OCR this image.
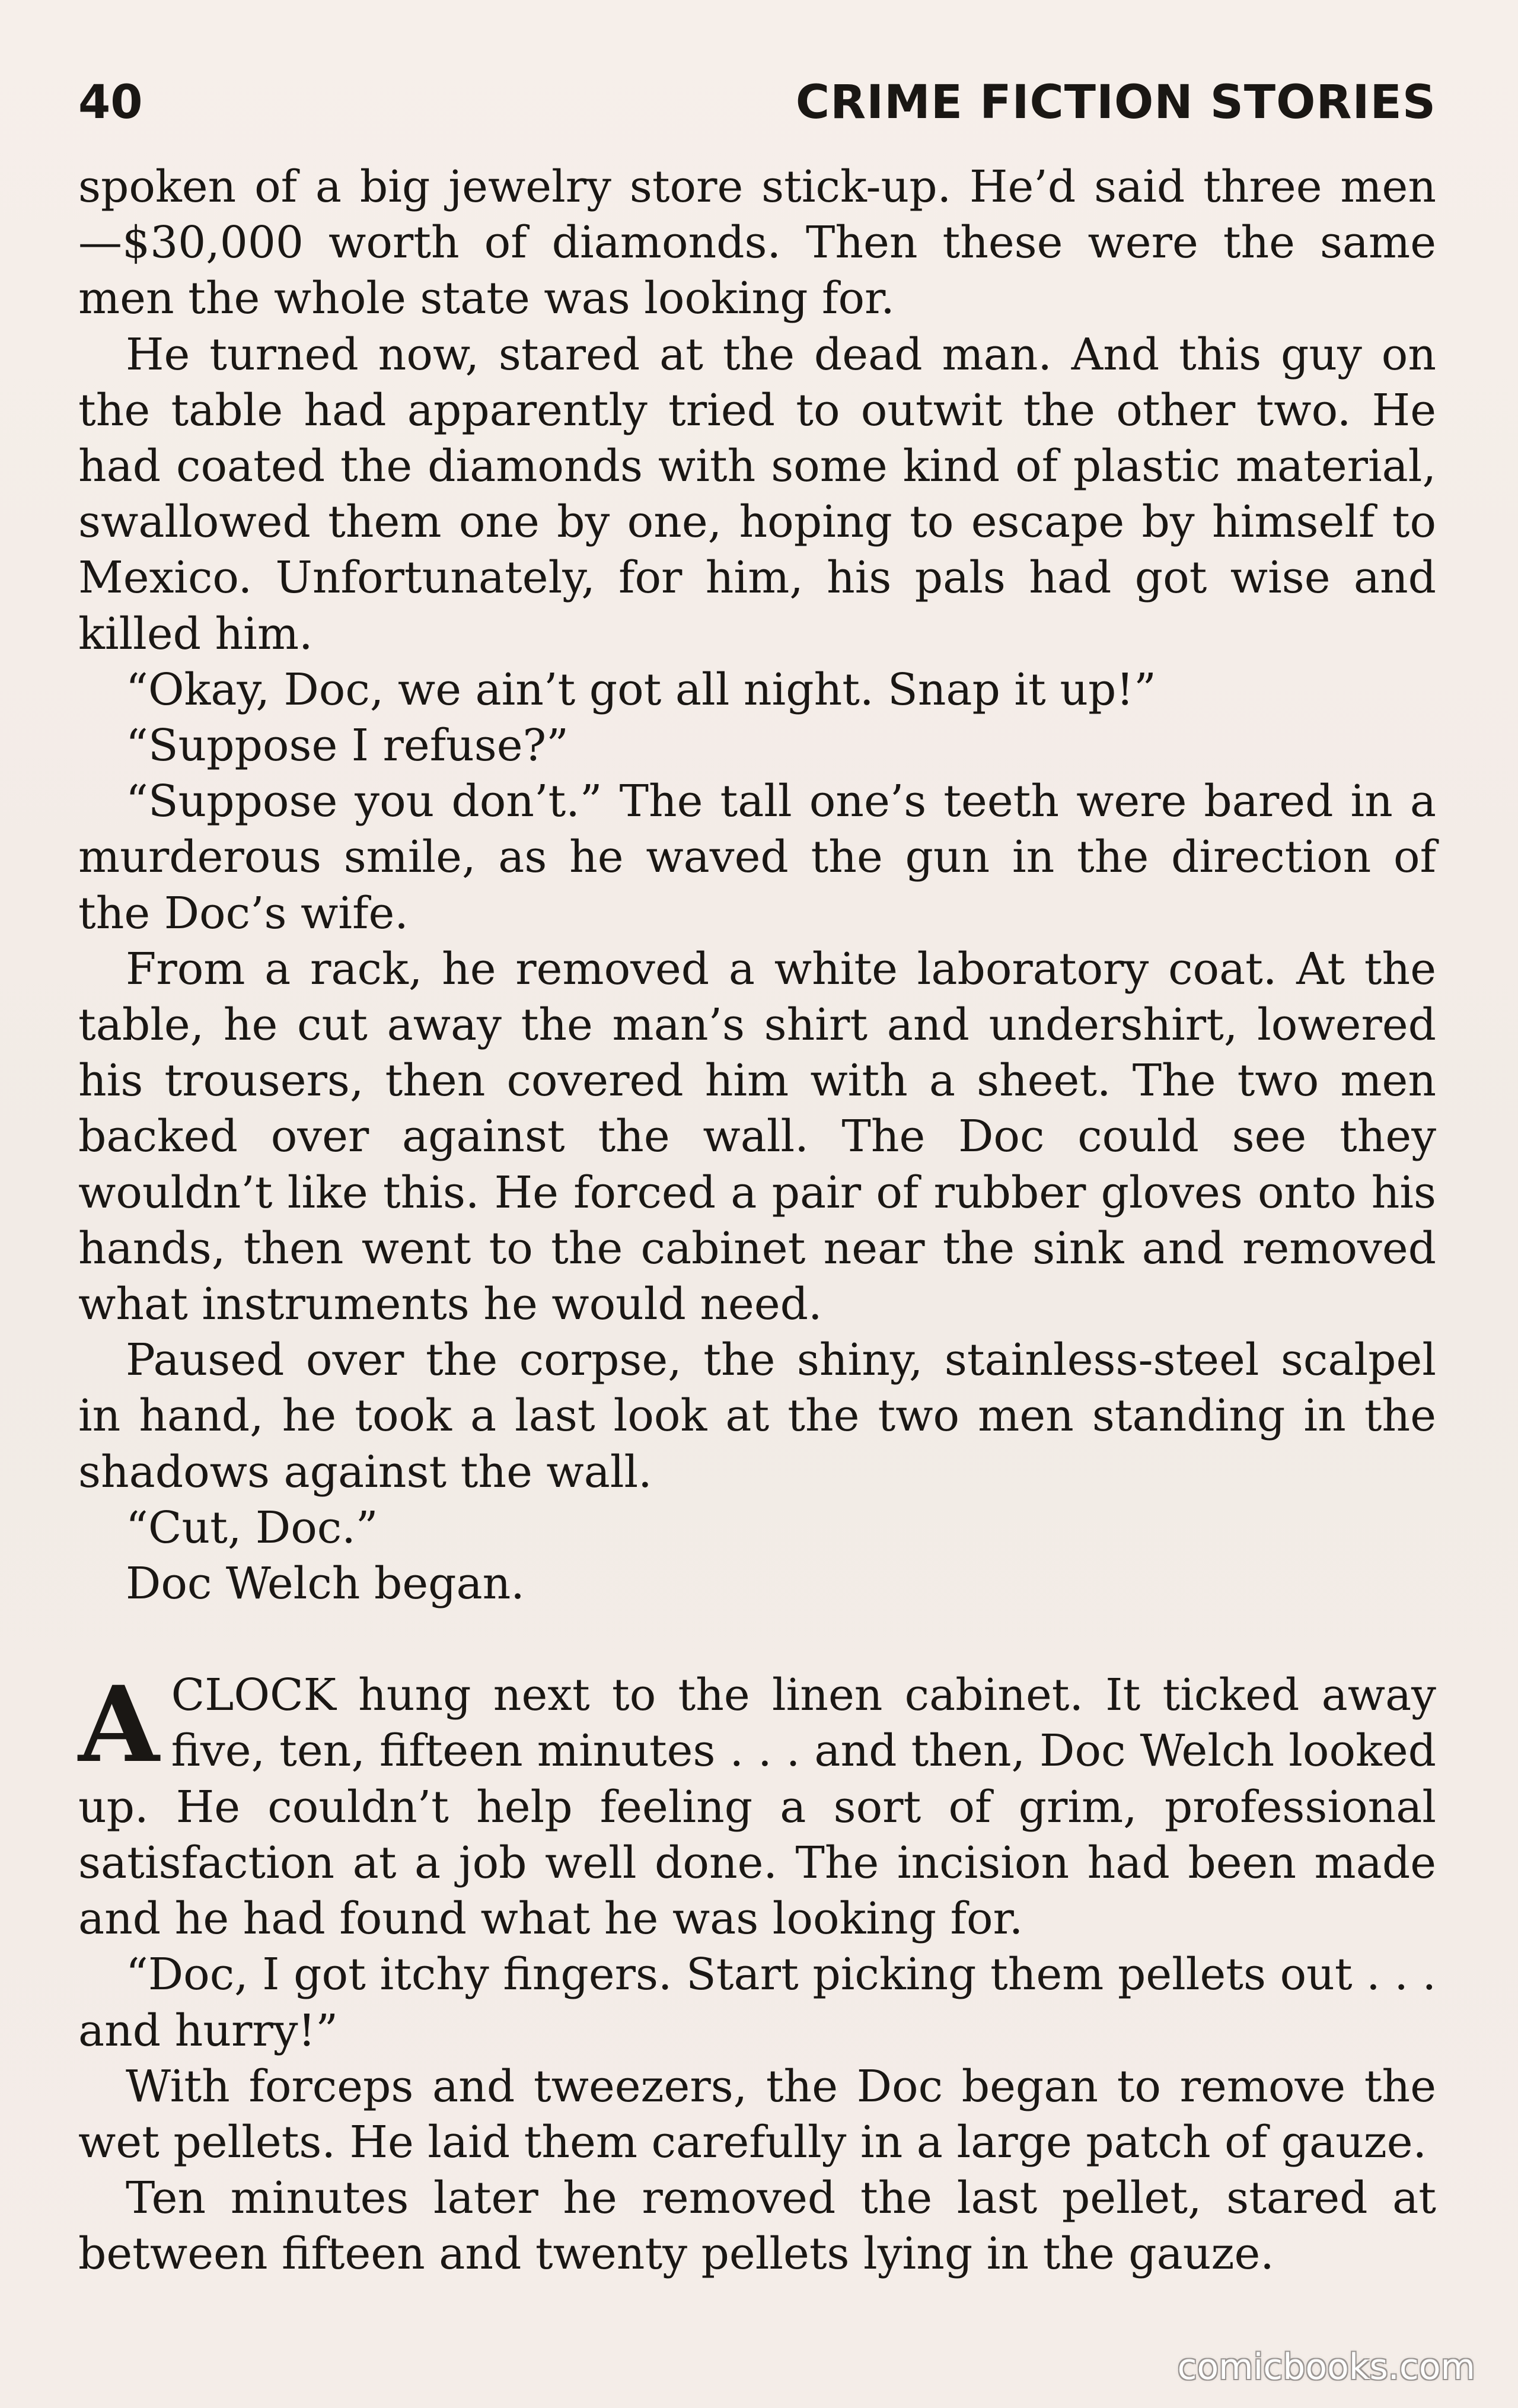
40	CRIME FICTION STORIES

spoken of a big jewelry store stick-up. He’d said three men—$30,000 worth of diamonds. Then these were the same men the whole state was looking for.

He turned now, stared at the dead man. And this guy on the table had apparently tried to outwit the other two. He had coated the diamonds with some kind of plastic material, swallowed them one by one, hoping to escape by himself to Mexico. Unfortunately, for him, his pals had got wise and killed him.

“Okay, Doc, we ain’t got all night. Snap it up!”

“Suppose I refuse?”

“Suppose you don’t.” The tall one’s teeth were bared in a murderous smile, as he waved the gun in the direction of the Doc’s wife.

From a rack, he removed a white laboratory coat. At the table, he cut away the man’s shirt and undershirt, lowered his trousers, then covered him with a sheet. The two men backed over against the wall. The Doc could see they wouldn’t like this. He forced a pair of rubber gloves onto his hands, then went to the cabinet near the sink and removed what instruments he would need.

Paused over the corpse, the shiny, stainless-steel scalpel in hand, he took a last look at the two men standing in the shadows against the wall.

“Cut, Doc.”

Doc Welch began.

ACLOCK hung next to the linen cabinet. It ticked away five, ten, fifteen minutes . . . and then, Doc Welch looked up. He couldn’t help feeling a sort of grim, professional satisfaction at a job well done. The incision had been made and he had found what he was looking for.

“Doc, I got itchy fingers. Start picking them pellets out . . . and hurry!”

With forceps and tweezers, the Doc began to remove the wet pellets. He laid them carefully in a large patch of gauze.

Ten minutes later he removed the last pellet, stared at between fifteen and twenty pellets lying in the gauze.

comicbooks.com
